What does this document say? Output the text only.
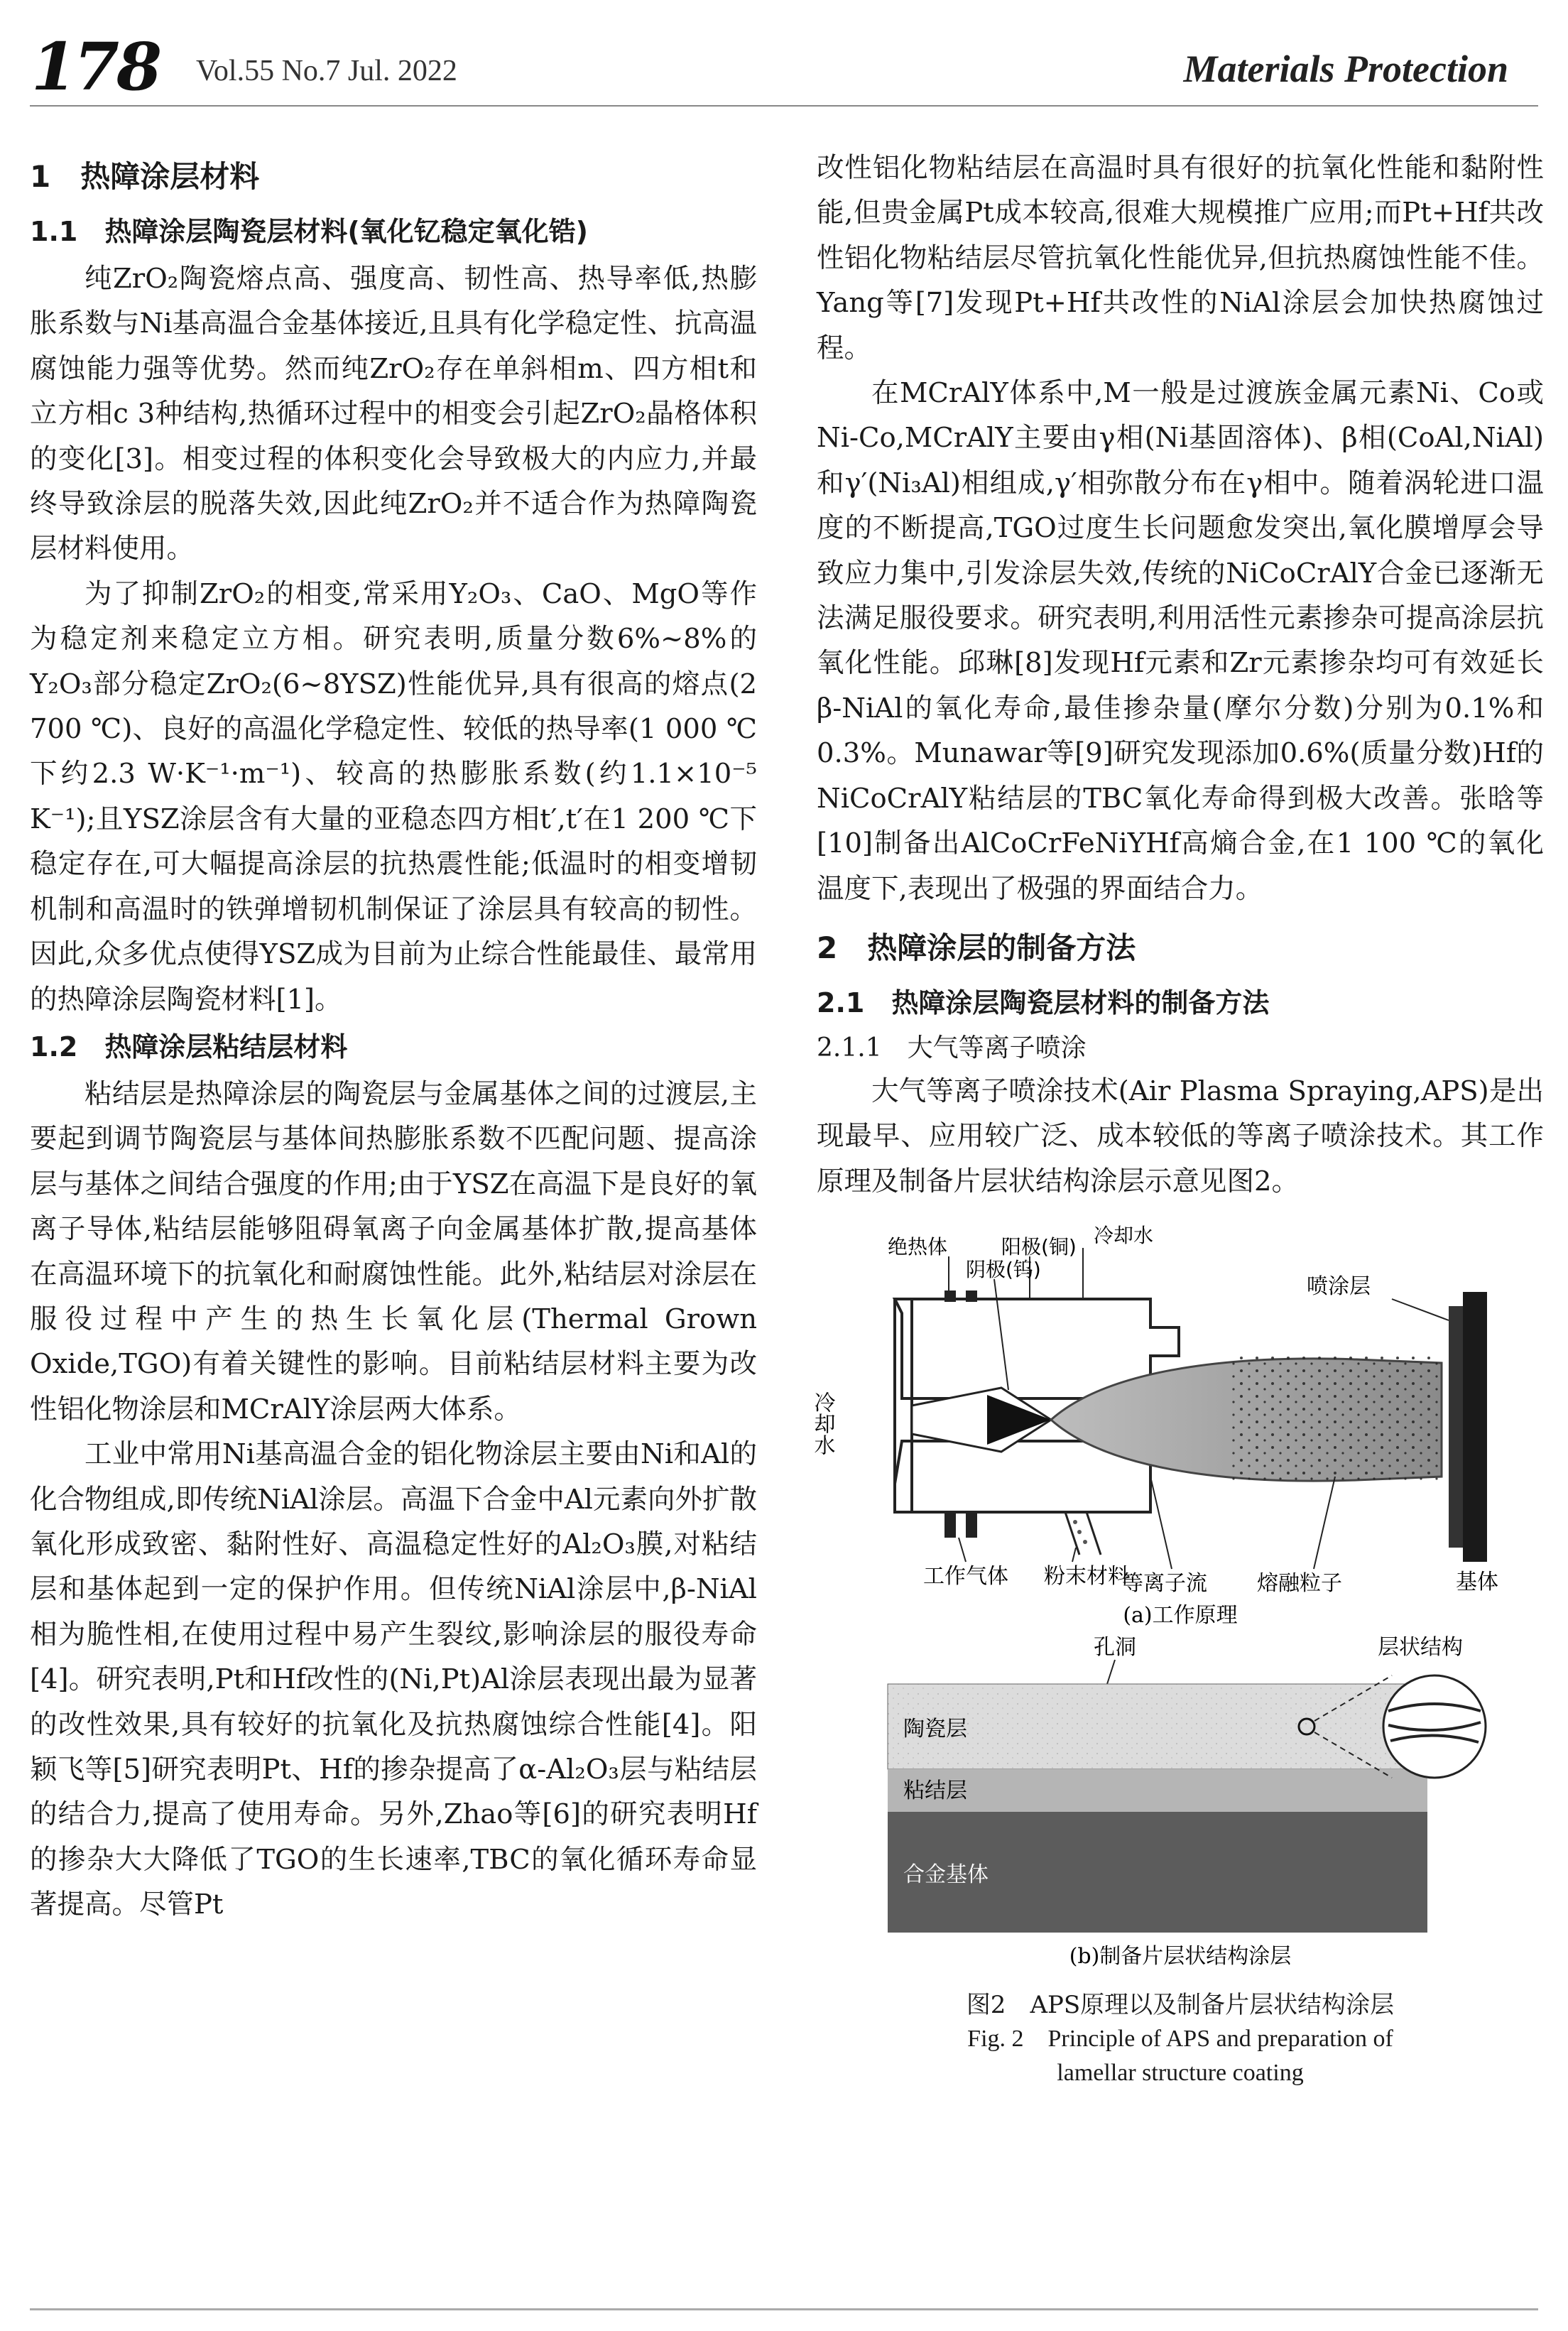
178 Vol.55 No.7 Jul. 2022	Materials Protection
1　热障涂层材料
1.1　热障涂层陶瓷层材料(氧化钇稳定氧化锆)

纯ZrO₂陶瓷熔点高、强度高、韧性高、热导率低,热膨胀系数与Ni基高温合金基体接近,且具有化学稳定性、抗高温腐蚀能力强等优势。然而纯ZrO₂存在单斜相m、四方相t和立方相c 3种结构,热循环过程中的相变会引起ZrO₂晶格体积的变化[3]。相变过程的体积变化会导致极大的内应力,并最终导致涂层的脱落失效,因此纯ZrO₂并不适合作为热障陶瓷层材料使用。

为了抑制ZrO₂的相变,常采用Y₂O₃、CaO、MgO等作为稳定剂来稳定立方相。研究表明,质量分数6%~8%的Y₂O₃部分稳定ZrO₂(6~8YSZ)性能优异,具有很高的熔点(2 700 ℃)、良好的高温化学稳定性、较低的热导率(1 000 ℃下约2.3 W·K⁻¹·m⁻¹)、较高的热膨胀系数(约1.1×10⁻⁵ K⁻¹);且YSZ涂层含有大量的亚稳态四方相t′,t′在1 200 ℃下稳定存在,可大幅提高涂层的抗热震性能;低温时的相变增韧机制和高温时的铁弹增韧机制保证了涂层具有较高的韧性。因此,众多优点使得YSZ成为目前为止综合性能最佳、最常用的热障涂层陶瓷材料[1]。

1.2　热障涂层粘结层材料

粘结层是热障涂层的陶瓷层与金属基体之间的过渡层,主要起到调节陶瓷层与基体间热膨胀系数不匹配问题、提高涂层与基体之间结合强度的作用;由于YSZ在高温下是良好的氧离子导体,粘结层能够阻碍氧离子向金属基体扩散,提高基体在高温环境下的抗氧化和耐腐蚀性能。此外,粘结层对涂层在服役过程中产生的热生长氧化层(Thermal Grown Oxide,TGO)有着关键性的影响。目前粘结层材料主要为改性铝化物涂层和MCrAlY涂层两大体系。

工业中常用Ni基高温合金的铝化物涂层主要由Ni和Al的化合物组成,即传统NiAl涂层。高温下合金中Al元素向外扩散氧化形成致密、黏附性好、高温稳定性好的Al₂O₃膜,对粘结层和基体起到一定的保护作用。但传统NiAl涂层中,β-NiAl相为脆性相,在使用过程中易产生裂纹,影响涂层的服役寿命[4]。研究表明,Pt和Hf改性的(Ni,Pt)Al涂层表现出最为显著的改性效果,具有较好的抗氧化及抗热腐蚀综合性能[4]。阳颖飞等[5]研究表明Pt、Hf的掺杂提高了α-Al₂O₃层与粘结层的结合力,提高了使用寿命。另外,Zhao等[6]的研究表明Hf的掺杂大大降低了TGO的生长速率,TBC的氧化循环寿命显著提高。尽管Pt

改性铝化物粘结层在高温时具有很好的抗氧化性能和黏附性能,但贵金属Pt成本较高,很难大规模推广应用;而Pt+Hf共改性铝化物粘结层尽管抗氧化性能优异,但抗热腐蚀性能不佳。Yang等[7]发现Pt+Hf共改性的NiAl涂层会加快热腐蚀过程。

在MCrAlY体系中,M一般是过渡族金属元素Ni、Co或Ni-Co,MCrAlY主要由γ相(Ni基固溶体)、β相(CoAl,NiAl)和γ′(Ni₃Al)相组成,γ′相弥散分布在γ相中。随着涡轮进口温度的不断提高,TGO过度生长问题愈发突出,氧化膜增厚会导致应力集中,引发涂层失效,传统的NiCoCrAlY合金已逐渐无法满足服役要求。研究表明,利用活性元素掺杂可提高涂层抗氧化性能。邱琳[8]发现Hf元素和Zr元素掺杂均可有效延长β-NiAl的氧化寿命,最佳掺杂量(摩尔分数)分别为0.1%和0.3%。Munawar等[9]研究发现添加0.6%(质量分数)Hf的NiCoCrAlY粘结层的TBC氧化寿命得到极大改善。张晗等[10]制备出AlCoCrFeNiYHf高熵合金,在1 100 ℃的氧化温度下,表现出了极强的界面结合力。

2　热障涂层的制备方法
2.1　热障涂层陶瓷层材料的制备方法
2.1.1　大气等离子喷涂

大气等离子喷涂技术(Air Plasma Spraying,APS)是出现最早、应用较广泛、成本较低的等离子喷涂技术。其工作原理及制备片层状结构涂层示意见图2。

绝热体	阳极(铜)
阴极(钨)
冷却水
喷涂层
冷却水
等离子流 熔融粒子	基体
工作气体 粉末材料
(a)工作原理
孔洞	层状结构
陶瓷层
粘结层
合金基体
(b)制备片层状结构涂层
图2　APS原理以及制备片层状结构涂层
Fig. 2　Principle of APS and preparation of
lamellar structure coating
